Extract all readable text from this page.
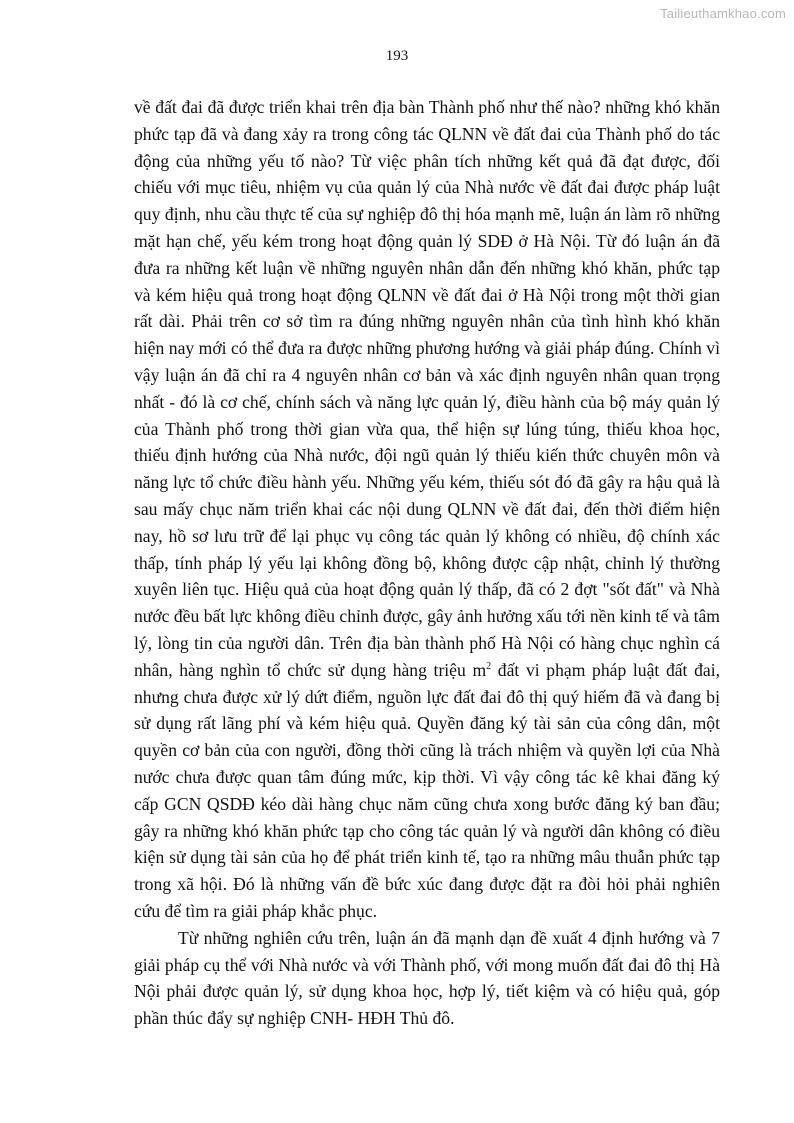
Tailieuthamkhao.com
193

về đất đai đã được triển khai trên địa bàn Thành phố như thế nào? những khó khăn phức tạp đã và đang xảy ra trong công tác QLNN về đất đai của Thành phố do tác động của những yếu tố nào? Từ việc phân tích những kết quả đã đạt được, đối chiếu với mục tiêu, nhiệm vụ của quản lý của Nhà nước về đất đai được pháp luật quy định, nhu cầu thực tế của sự nghiệp đô thị hóa mạnh mẽ, luận án làm rõ những mặt hạn chế, yếu kém trong hoạt động quản lý SDĐ ở Hà Nội. Từ đó luận án đã đưa ra những kết luận về những nguyên nhân dẫn đến những khó khăn, phức tạp và kém hiệu quả trong hoạt động QLNN về đất đai ở Hà Nội trong một thời gian rất dài. Phải trên cơ sở tìm ra đúng những nguyên nhân của tình hình khó khăn hiện nay mới có thể đưa ra được những phương hướng và giải pháp đúng. Chính vì vậy luận án đã chỉ ra 4 nguyên nhân cơ bản và xác định nguyên nhân quan trọng nhất - đó là cơ chế, chính sách và năng lực quản lý, điều hành của bộ máy quản lý của Thành phố trong thời gian vừa qua, thể hiện sự lúng túng, thiếu khoa học, thiếu định hướng của Nhà nước, đội ngũ quản lý thiếu kiến thức chuyên môn và năng lực tổ chức điều hành yếu. Những yếu kém, thiếu sót đó đã gây ra hậu quả là sau mấy chục năm triển khai các nội dung QLNN về đất đai, đến thời điểm hiện nay, hồ sơ lưu trữ để lại phục vụ công tác quản lý không có nhiều, độ chính xác thấp, tính pháp lý yếu lại không đồng bộ, không được cập nhật, chỉnh lý thường xuyên liên tục. Hiệu quả của hoạt động quản lý thấp, đã có 2 đợt "sốt đất" và Nhà nước đều bất lực không điều chỉnh được, gây ảnh hưởng xấu tới nền kinh tế và tâm lý, lòng tin của người dân. Trên địa bàn thành phố Hà Nội có hàng chục nghìn cá nhân, hàng nghìn tổ chức sử dụng hàng triệu $m^2$ đất vi phạm pháp luật đất đai, nhưng chưa được xử lý dứt điểm, nguồn lực đất đai đô thị quý hiếm đã và đang bị sử dụng rất lãng phí và kém hiệu quả. Quyền đăng ký tài sản của công dân, một quyền cơ bản của con người, đồng thời cũng là trách nhiệm và quyền lợi của Nhà nước chưa được quan tâm đúng mức, kịp thời. Vì vậy công tác kê khai đăng ký cấp GCN QSDĐ kéo dài hàng chục năm cũng chưa xong bước đăng ký ban đầu; gây ra những khó khăn phức tạp cho công tác quản lý và người dân không có điều kiện sử dụng tài sản của họ để phát triển kinh tế, tạo ra những mâu thuẫn phức tạp trong xã hội. Đó là những vấn đề bức xúc đang được đặt ra đòi hỏi phải nghiên cứu để tìm ra giải pháp khắc phục.

Từ những nghiên cứu trên, luận án đã mạnh dạn đề xuất 4 định hướng và 7 giải pháp cụ thể với Nhà nước và với Thành phố, với mong muốn đất đai đô thị Hà Nội phải được quản lý, sử dụng khoa học, hợp lý, tiết kiệm và có hiệu quả, góp phần thúc đẩy sự nghiệp CNH- HĐH Thủ đô.
